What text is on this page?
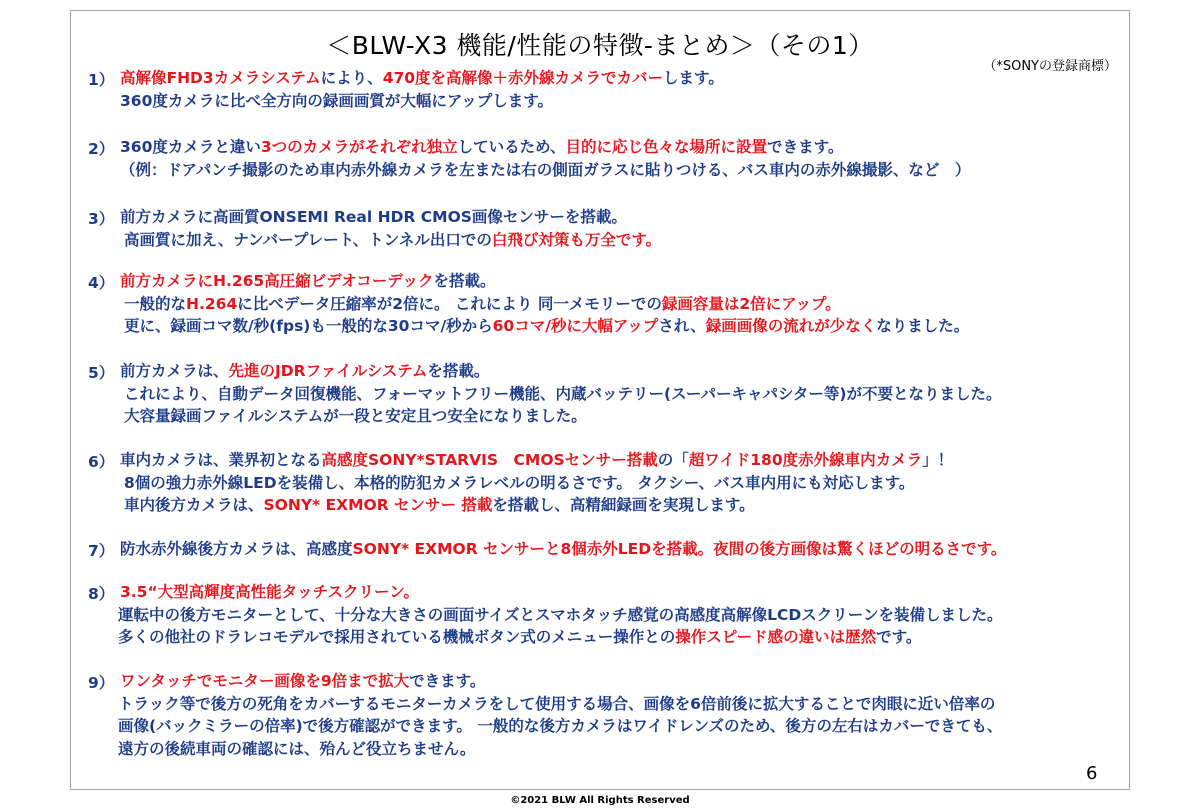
＜BLW-X3 機能/性能の特徴-まとめ＞（その1）
（*SONYの登録商標）
1） 高解像FHD3カメラシステムにより、470度を高解像＋赤外線カメラでカバーします。
360度カメラに比べ全方向の録画画質が大幅にアップします。
2） 360度カメラと違い3つのカメラがそれぞれ独立しているため、目的に応じ色々な場所に設置できます。
（例：ドアパンチ撮影のため車内赤外線カメラを左または右の側面ガラスに貼りつける、バス車内の赤外線撮影、など　）
3） 前方カメラに高画質ONSEMI Real HDR CMOS画像センサーを搭載。
高画質に加え、ナンバープレート、トンネル出口での白飛び対策も万全です。
4） 前方カメラにH.265高圧縮ビデオコーデックを搭載。
一般的なH.264に比べデータ圧縮率が2倍に。 これにより 同一メモリーでの録画容量は2倍にアップ。
更に、録画コマ数/秒(fps)も一般的な30コマ/秒から60コマ/秒に大幅アップされ、録画画像の流れが少なくなりました。
5） 前方カメラは、先進のJDRファイルシステムを搭載。
これにより、自動データ回復機能、フォーマットフリー機能、内蔵バッテリー(スーパーキャパシター等)が不要となりました。
大容量録画ファイルシステムが一段と安定且つ安全になりました。
6） 車内カメラは、業界初となる高感度SONY*STARVIS　CMOSセンサー搭載の「超ワイド180度赤外線車内カメラ」！
8個の強力赤外線LEDを装備し、本格的防犯カメラレベルの明るさです。 タクシー、バス車内用にも対応します。
車内後方カメラは、SONY* EXMOR センサー 搭載を搭載し、高精細録画を実現します。
7） 防水赤外線後方カメラは、高感度SONY* EXMOR センサーと8個赤外LEDを搭載。夜間の後方画像は驚くほどの明るさです。
8） 3.5“大型高輝度高性能タッチスクリーン。
運転中の後方モニターとして、十分な大きさの画面サイズとスマホタッチ感覚の高感度高解像LCDスクリーンを装備しました。
多くの他社のドラレコモデルで採用されている機械ボタン式のメニュー操作との操作スピード感の違いは歴然です。
9） ワンタッチでモニター画像を9倍まで拡大できます。
トラック等で後方の死角をカバーするモニターカメラをして使用する場合、画像を6倍前後に拡大することで肉眼に近い倍率の
画像(バックミラーの倍率)で後方確認ができます。 一般的な後方カメラはワイドレンズのため、後方の左右はカバーできても、
遠方の後続車両の確認には、殆んど役立ちません。
6
©2021 BLW All Rights Reserved
